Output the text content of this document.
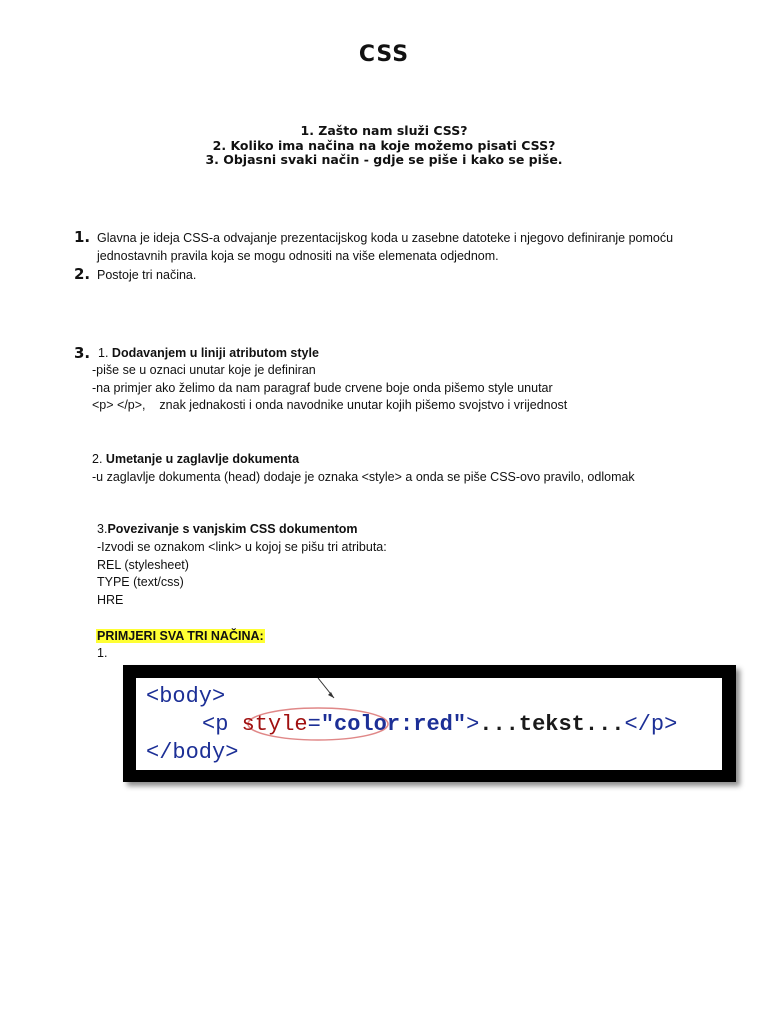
CSS
1. Zašto nam služi CSS?
2. Koliko ima načina na koje možemo pisati CSS?
3. Objasni svaki način - gdje se piše i kako se piše.
1. Glavna je ideja CSS-a odvajanje prezentacijskog koda u zasebne datoteke i njegovo definiranje pomoću
jednostavnih pravila koja se mogu odnositi na više elemenata odjednom.
2. Postoje tri načina.
3. 1. Dodavanjem u liniji atributom style
-piše se u oznaci unutar koje je definiran
-na primjer ako želimo da nam paragraf bude crvene boje onda pišemo style unutar
<p> </p>,    znak jednakosti i onda navodnike unutar kojih pišemo svojstvo i vrijednost
2. Umetanje u zaglavlje dokumenta
-u zaglavlje dokumenta (head) dodaje je oznaka <style> a onda se piše CSS-ovo pravilo, odlomak
3.Povezivanje s vanjskim CSS dokumentom
-Izvodi se oznakom <link> u kojoj se pišu tri atributa:
REL (stylesheet)
TYPE (text/css)
HRE
PRIMJERI SVA TRI NAČINA:
1.
<body>
<p style="color:red">...tekst...</p>
</body>
